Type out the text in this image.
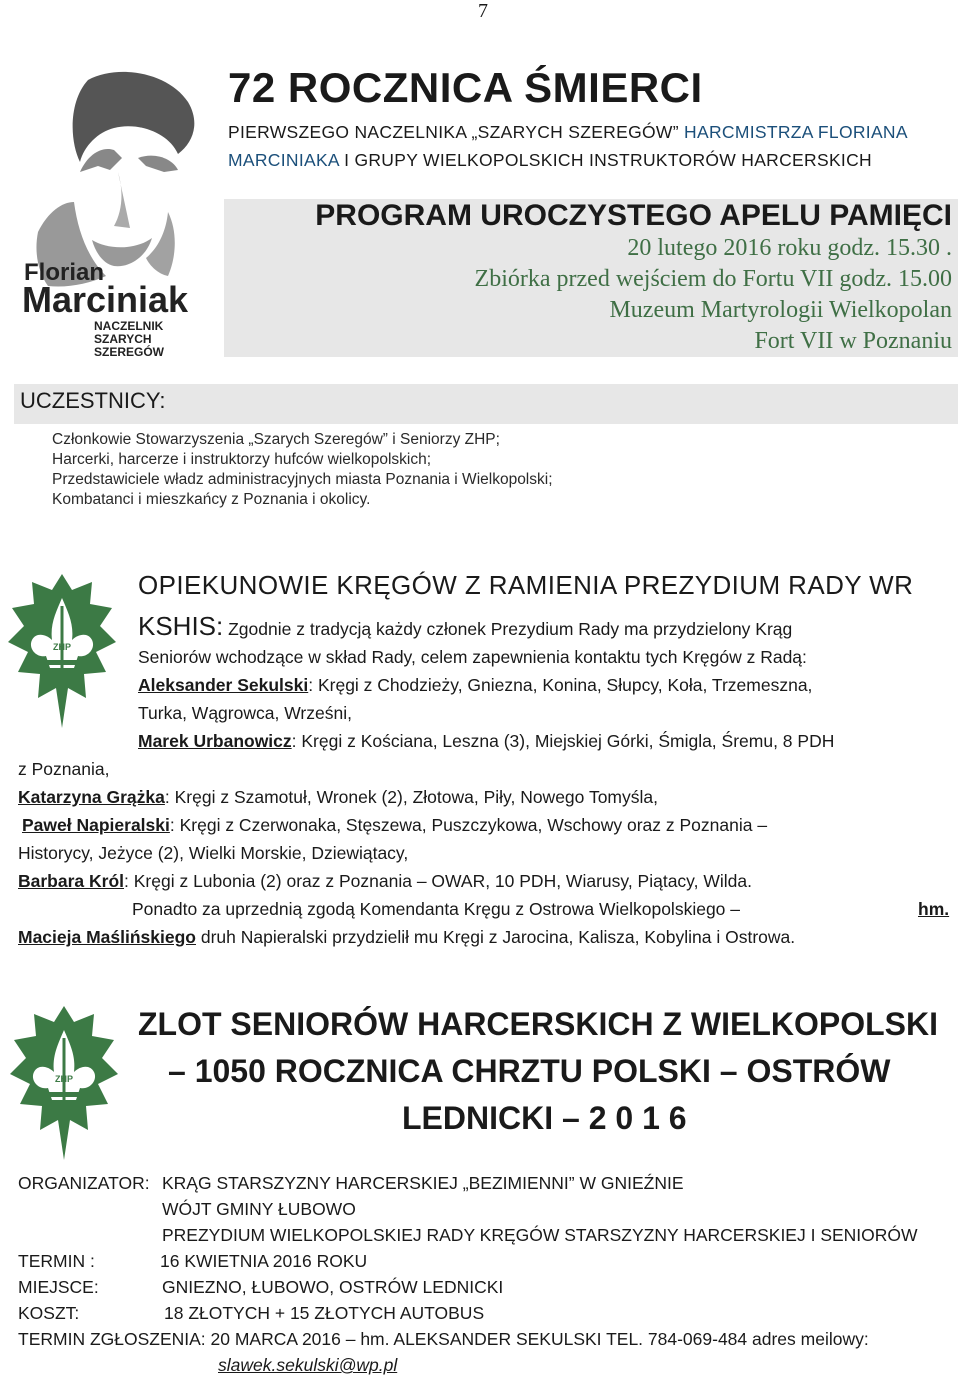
7
Florian
Marciniak
NACZELNIK
SZARYCH
SZEREGÓW
72 ROCZNICA ŚMIERCI
PIERWSZEGO NACZELNIKA „SZARYCH SZEREGÓW” HARCMISTRZA FLORIANA
MARCINIAKA I GRUPY WIELKOPOLSKICH INSTRUKTORÓW HARCERSKICH
PROGRAM UROCZYSTEGO APELU PAMIĘCI
20 lutego 2016 roku godz. 15.30 .
Zbiórka przed wejściem do Fortu VII godz. 15.00
Muzeum Martyrologii Wielkopolan
Fort VII w Poznaniu
UCZESTNICY:
Członkowie Stowarzyszenia „Szarych Szeregów” i Seniorzy ZHP;
Harcerki, harcerze i instruktorzy hufców wielkopolskich;
Przedstawiciele władz administracyjnych miasta Poznania i Wielkopolski;
Kombatanci i mieszkańcy z Poznania i okolicy.
ZHP
OPIEKUNOWIE KRĘGÓW Z RAMIENIA PREZYDIUM RADY WR
KSHIS: Zgodnie z tradycją każdy członek Prezydium Rady ma przydzielony Krąg
Seniorów wchodzące w skład Rady, celem zapewnienia kontaktu tych Kręgów z Radą:
Aleksander Sekulski: Kręgi z Chodzieży, Gniezna, Konina, Słupcy, Koła, Trzemeszna,
Turka, Wągrowca, Wrześni,
Marek Urbanowicz: Kręgi z Kościana, Leszna (3), Miejskiej Górki, Śmigla, Śremu, 8 PDH
z Poznania,
Katarzyna Grążka: Kręgi z Szamotuł, Wronek (2), Złotowa, Piły, Nowego Tomyśla,
Paweł Napieralski: Kręgi z Czerwonaka, Stęszewa, Puszczykowa, Wschowy oraz z Poznania –
Historycy, Jeżyce (2), Wielki Morskie, Dziewiątacy,
Barbara Król: Kręgi z Lubonia (2) oraz z Poznania – OWAR, 10 PDH, Wiarusy, Piątacy, Wilda.
Ponadto za uprzednią zgodą Komendanta Kręgu z Ostrowa Wielkopolskiego –	hm.
Macieja Maślińskiego druh Napieralski przydzielił mu Kręgi z Jarocina, Kalisza, Kobylina i Ostrowa.
ZHP
ZLOT SENIORÓW HARCERSKICH Z WIELKOPOLSKI
– 1050 ROCZNICA CHRZTU POLSKI – OSTRÓW
LEDNICKI – 2 0 1 6
ORGANIZATOR: KRĄG STARSZYZNY HARCERSKIEJ „BEZIMIENNI” W GNIEŹNIE
WÓJT GMINY ŁUBOWO
PREZYDIUM WIELKOPOLSKIEJ RADY KRĘGÓW STARSZYZNY HARCERSKIEJ I SENIORÓW
TERMIN :	16 KWIETNIA 2016 ROKU
MIEJSCE:	GNIEZNO, ŁUBOWO, OSTRÓW LEDNICKI
KOSZT:	18 ZŁOTYCH + 15 ZŁOTYCH AUTOBUS
TERMIN ZGŁOSZENIA: 20 MARCA 2016 – hm. ALEKSANDER SEKULSKI TEL. 784-069-484 adres meilowy:
slawek.sekulski@wp.pl
